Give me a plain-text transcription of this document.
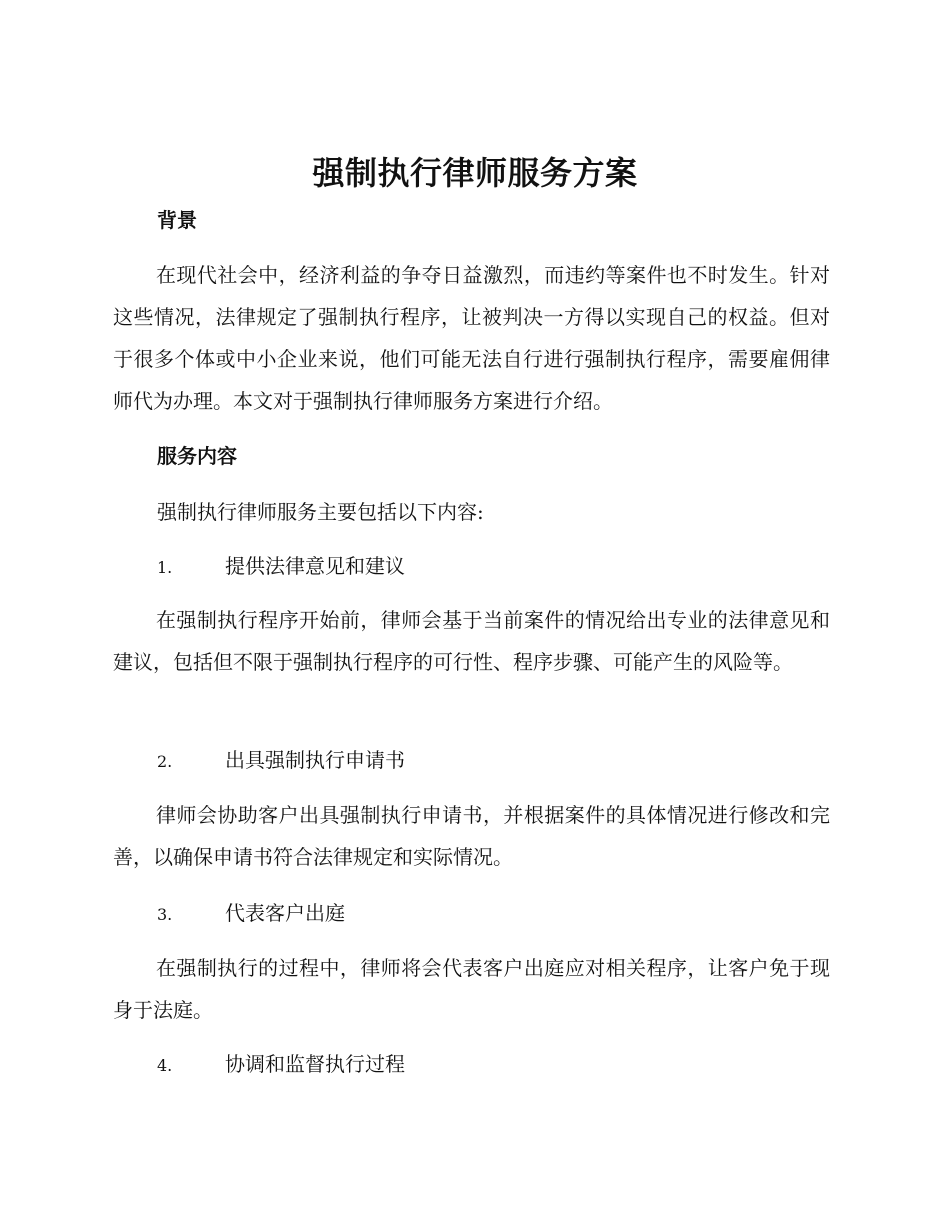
强制执行律师服务方案
背景

在现代社会中，经济利益的争夺日益激烈，而违约等案件也不时发生。针对这些情况，法律规定了强制执行程序，让被判决一方得以实现自己的权益。但对于很多个体或中小企业来说，他们可能无法自行进行强制执行程序，需要雇佣律师代为办理。本文对于强制执行律师服务方案进行介绍。

服务内容
强制执行律师服务主要包括以下内容:
1.	提供法律意见和建议

在强制执行程序开始前，律师会基于当前案件的情况给出专业的法律意见和建议，包括但不限于强制执行程序的可行性、程序步骤、可能产生的风险等。

2.	出具强制执行申请书

律师会协助客户出具强制执行申请书，并根据案件的具体情况进行修改和完善，以确保申请书符合法律规定和实际情况。

3.	代表客户出庭

在强制执行的过程中，律师将会代表客户出庭应对相关程序，让客户免于现身于法庭。

4.	协调和监督执行过程
